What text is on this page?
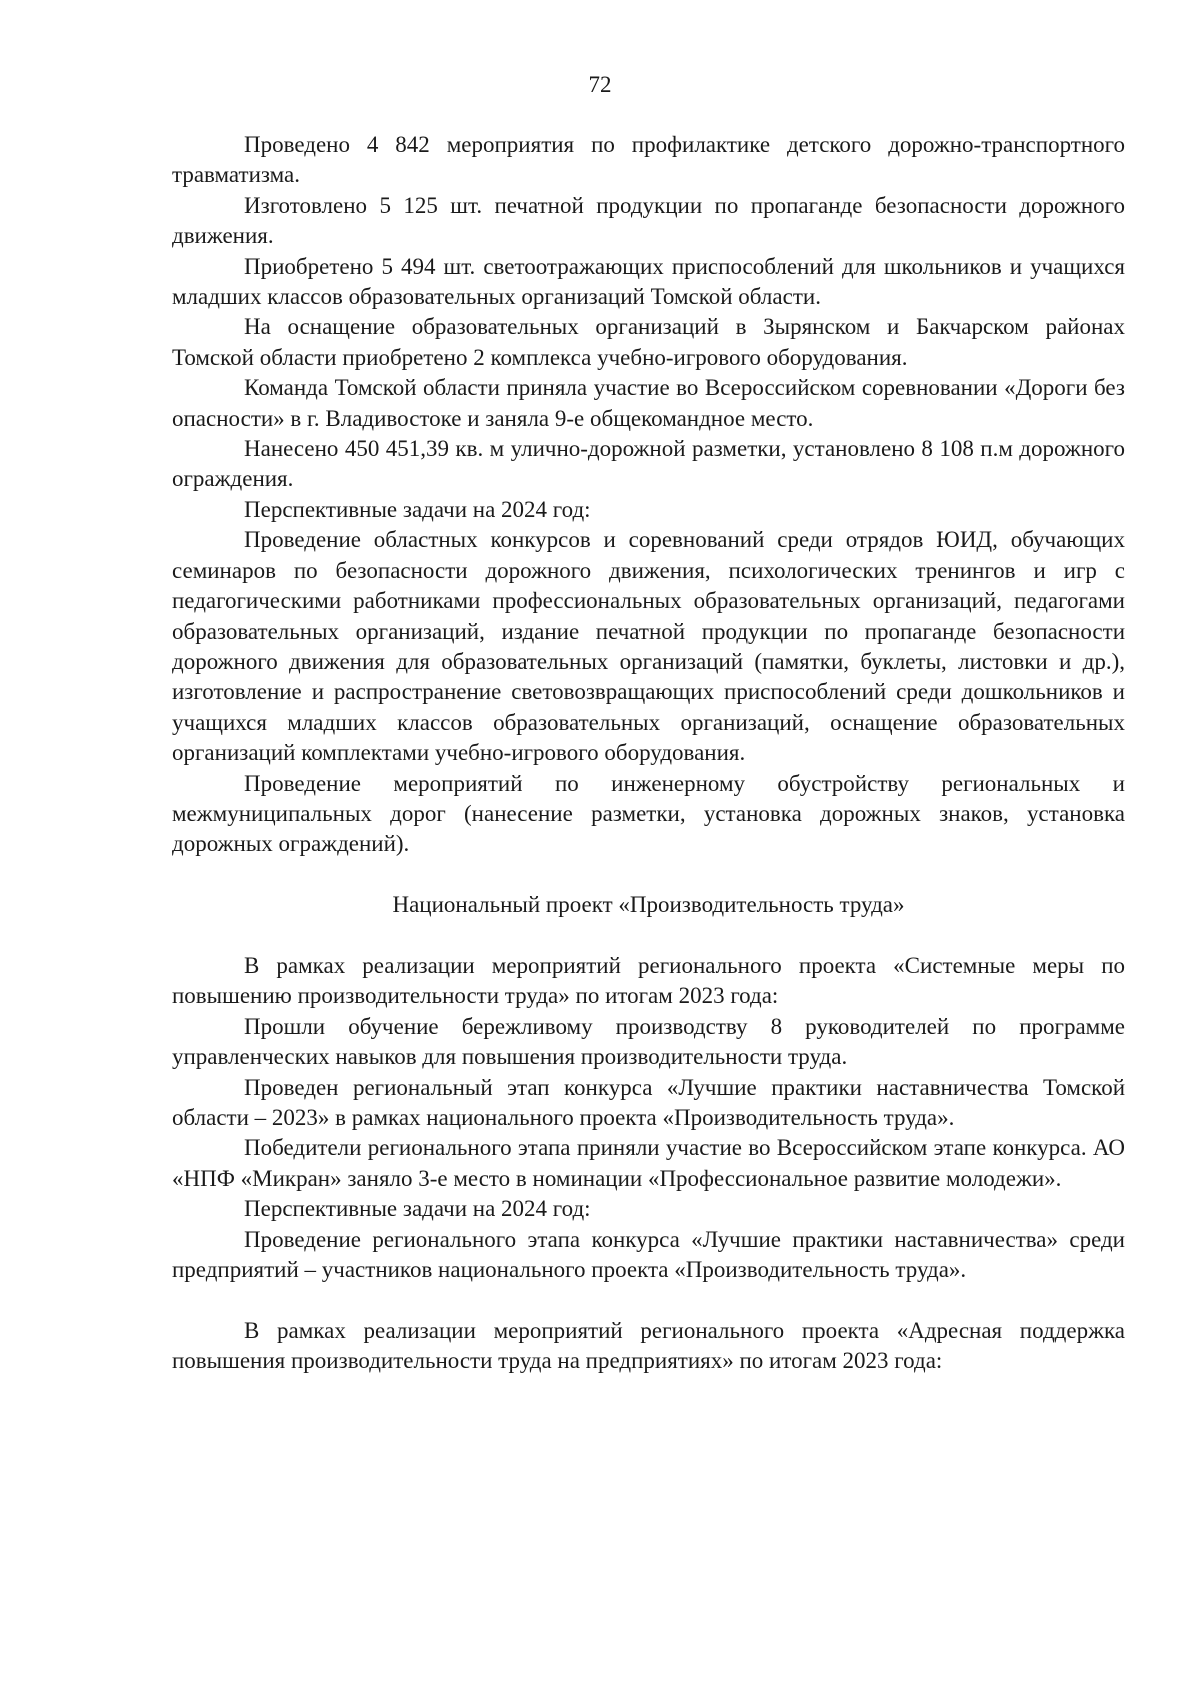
72

Проведено 4 842 мероприятия по профилактике детского дорожно-транспортного травматизма.

Изготовлено 5 125 шт. печатной продукции по пропаганде безопасности дорожного движения.

Приобретено 5 494 шт. светоотражающих приспособлений для школьников и учащихся младших классов образовательных организаций Томской области.

На оснащение образовательных организаций в Зырянском и Бакчарском районах Томской области приобретено 2 комплекса учебно-игрового оборудования.

Команда Томской области приняла участие во Всероссийском соревновании «Дороги без опасности» в г. Владивостоке и заняла 9-е общекомандное место.

Нанесено 450 451,39 кв. м улично-дорожной разметки, установлено 8 108 п.м дорожного ограждения.

Перспективные задачи на 2024 год:

Проведение областных конкурсов и соревнований среди отрядов ЮИД, обучающих семинаров по безопасности дорожного движения, психологических тренингов и игр с педагогическими работниками профессиональных образовательных организаций, педагогами образовательных организаций, издание печатной продукции по пропаганде безопасности дорожного движения для образовательных организаций (памятки, буклеты, листовки и др.), изготовление и распространение световозвращающих приспособлений среди дошкольников и учащихся младших классов образовательных организаций, оснащение образовательных организаций комплектами учебно-игрового оборудования.

Проведение мероприятий по инженерному обустройству региональных и межмуниципальных дорог (нанесение разметки, установка дорожных знаков, установка дорожных ограждений).

Национальный проект «Производительность труда»

В рамках реализации мероприятий регионального проекта «Системные меры по повышению производительности труда» по итогам 2023 года:

Прошли обучение бережливому производству 8 руководителей по программе управленческих навыков для повышения производительности труда.

Проведен региональный этап конкурса «Лучшие практики наставничества Томской области – 2023» в рамках национального проекта «Производительность труда».

Победители регионального этапа приняли участие во Всероссийском этапе конкурса. АО «НПФ «Микран» заняло 3-е место в номинации «Профессиональное развитие молодежи».

Перспективные задачи на 2024 год:

Проведение регионального этапа конкурса «Лучшие практики наставничества» среди предприятий – участников национального проекта «Производительность труда».

В рамках реализации мероприятий регионального проекта «Адресная поддержка повышения производительности труда на предприятиях» по итогам 2023 года:
